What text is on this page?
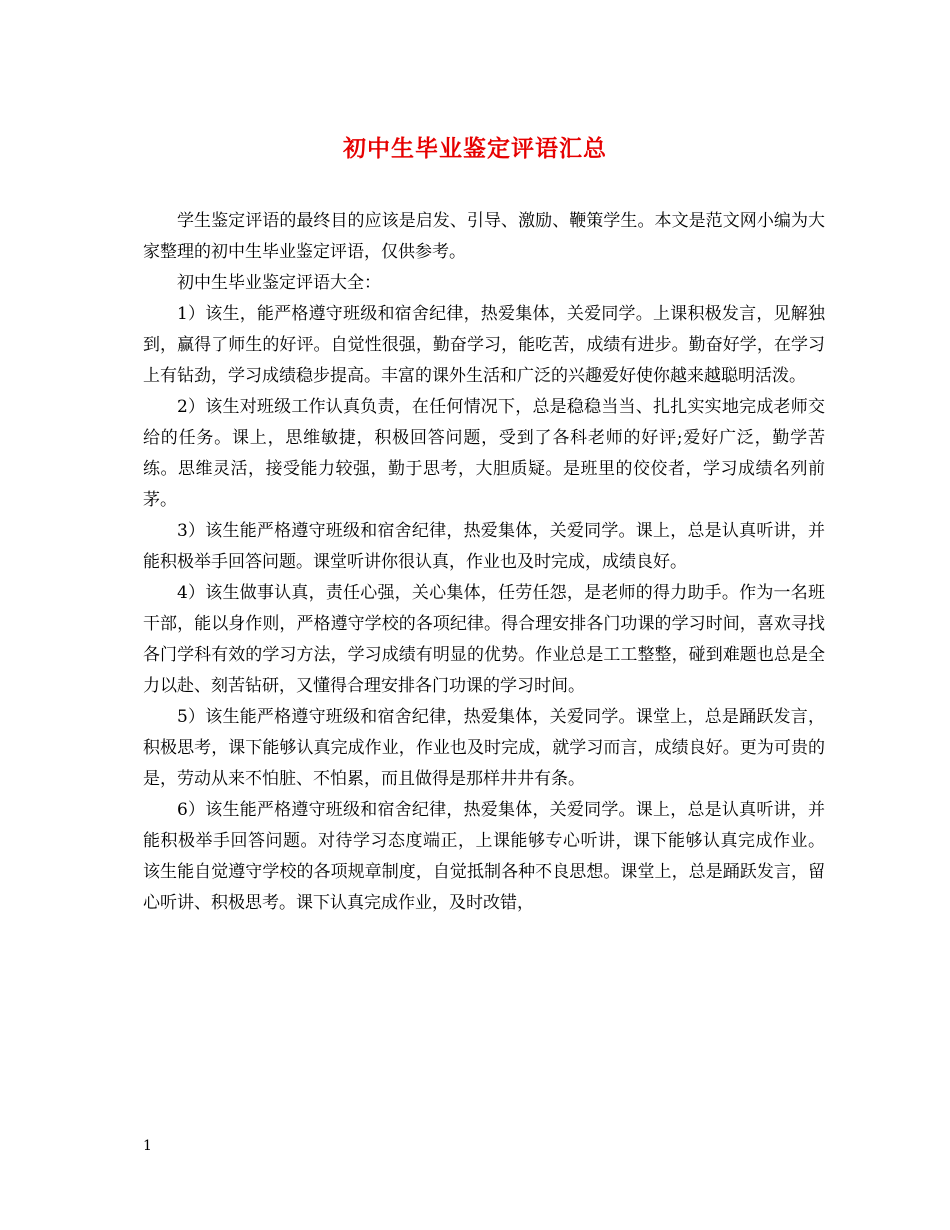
初中生毕业鉴定评语汇总

学生鉴定评语的最终目的应该是启发、引导、激励、鞭策学生。本文是范文网小编为大家整理的初中生毕业鉴定评语，仅供参考。

初中生毕业鉴定评语大全：

1）该生，能严格遵守班级和宿舍纪律，热爱集体，关爱同学。上课积极发言，见解独到，赢得了师生的好评。自觉性很强，勤奋学习，能吃苦，成绩有进步。勤奋好学，在学习上有钻劲，学习成绩稳步提高。丰富的课外生活和广泛的兴趣爱好使你越来越聪明活泼。

2）该生对班级工作认真负责，在任何情况下，总是稳稳当当、扎扎实实地完成老师交给的任务。课上，思维敏捷，积极回答问题，受到了各科老师的好评;爱好广泛，勤学苦练。思维灵活，接受能力较强，勤于思考，大胆质疑。是班里的佼佼者，学习成绩名列前茅。

3）该生能严格遵守班级和宿舍纪律，热爱集体，关爱同学。课上，总是认真听讲，并能积极举手回答问题。课堂听讲你很认真，作业也及时完成，成绩良好。

4）该生做事认真，责任心强，关心集体，任劳任怨，是老师的得力助手。作为一名班干部，能以身作则，严格遵守学校的各项纪律。得合理安排各门功课的学习时间，喜欢寻找各门学科有效的学习方法，学习成绩有明显的优势。作业总是工工整整，碰到难题也总是全力以赴、刻苦钻研，又懂得合理安排各门功课的学习时间。

5）该生能严格遵守班级和宿舍纪律，热爱集体，关爱同学。课堂上，总是踊跃发言，积极思考，课下能够认真完成作业，作业也及时完成，就学习而言，成绩良好。更为可贵的是，劳动从来不怕脏、不怕累，而且做得是那样井井有条。

6）该生能严格遵守班级和宿舍纪律，热爱集体，关爱同学。课上，总是认真听讲，并能积极举手回答问题。对待学习态度端正，上课能够专心听讲，课下能够认真完成作业。 该生能自觉遵守学校的各项规章制度，自觉抵制各种不良思想。课堂上，总是踊跃发言，留心听讲、积极思考。课下认真完成作业，及时改错，

1
